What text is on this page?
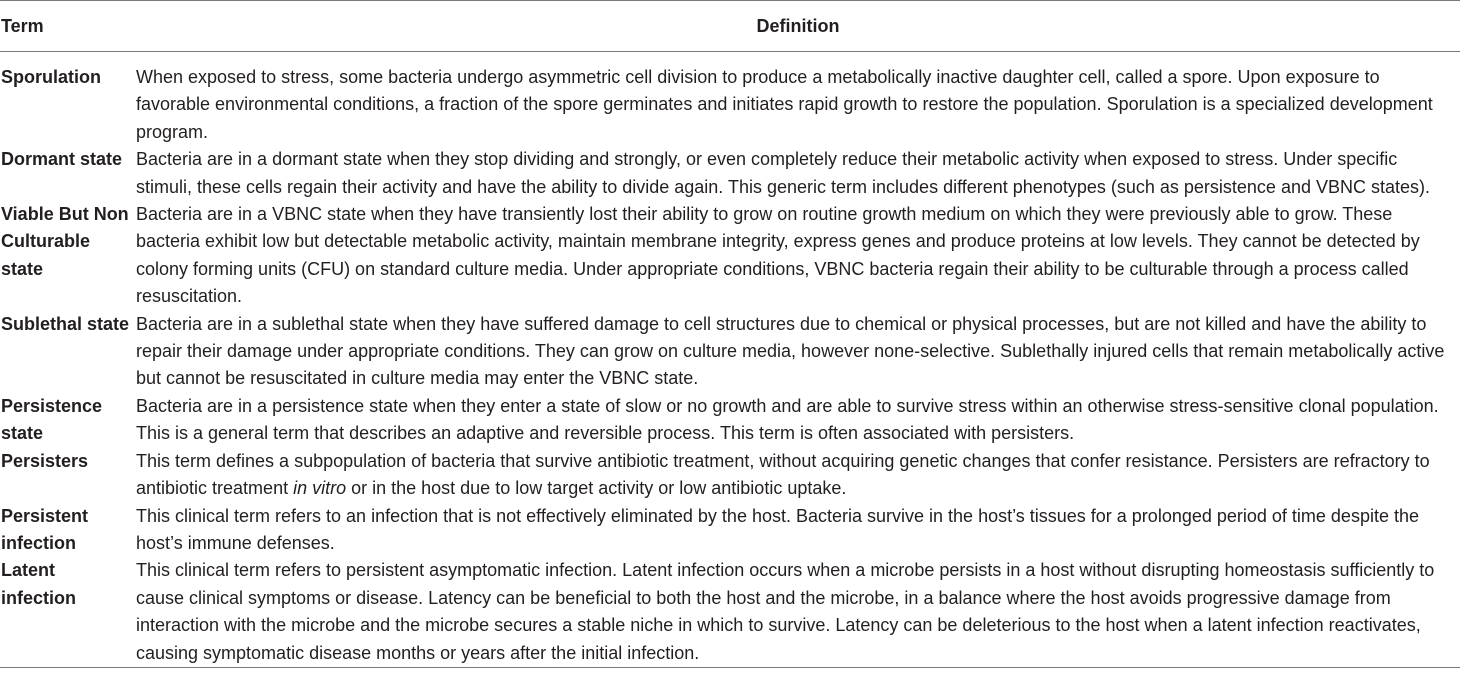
Term	Definition
Sporulation	When exposed to stress, some bacteria undergo asymmetric cell division to produce a metabolically inactive daughter cell, called a spore. Upon exposure to favorable environmental conditions, a fraction of the spore germinates and initiates rapid growth to restore the population. Sporulation is a specialized development program.
Dormant state	Bacteria are in a dormant state when they stop dividing and strongly, or even completely reduce their metabolic activity when exposed to stress. Under specific stimuli, these cells regain their activity and have the ability to divide again. This generic term includes different phenotypes (such as persistence and VBNC states).
Viable But Non Culturable state	Bacteria are in a VBNC state when they have transiently lost their ability to grow on routine growth medium on which they were previously able to grow. These bacteria exhibit low but detectable metabolic activity, maintain membrane integrity, express genes and produce proteins at low levels. They cannot be detected by colony forming units (CFU) on standard culture media. Under appropriate conditions, VBNC bacteria regain their ability to be culturable through a process called resuscitation.
Sublethal state	Bacteria are in a sublethal state when they have suffered damage to cell structures due to chemical or physical processes, but are not killed and have the ability to repair their damage under appropriate conditions. They can grow on culture media, however none-selective. Sublethally injured cells that remain metabolically active but cannot be resuscitated in culture media may enter the VBNC state.
Persistence state	Bacteria are in a persistence state when they enter a state of slow or no growth and are able to survive stress within an otherwise stress-sensitive clonal population. This is a general term that describes an adaptive and reversible process. This term is often associated with persisters.
Persisters	This term defines a subpopulation of bacteria that survive antibiotic treatment, without acquiring genetic changes that confer resistance. Persisters are refractory to antibiotic treatment in vitro or in the host due to low target activity or low antibiotic uptake.
Persistent infection	This clinical term refers to an infection that is not effectively eliminated by the host. Bacteria survive in the host’s tissues for a prolonged period of time despite the host’s immune defenses.
Latent infection	This clinical term refers to persistent asymptomatic infection. Latent infection occurs when a microbe persists in a host without disrupting homeostasis sufficiently to cause clinical symptoms or disease. Latency can be beneficial to both the host and the microbe, in a balance where the host avoids progressive damage from interaction with the microbe and the microbe secures a stable niche in which to survive. Latency can be deleterious to the host when a latent infection reactivates, causing symptomatic disease months or years after the initial infection.
